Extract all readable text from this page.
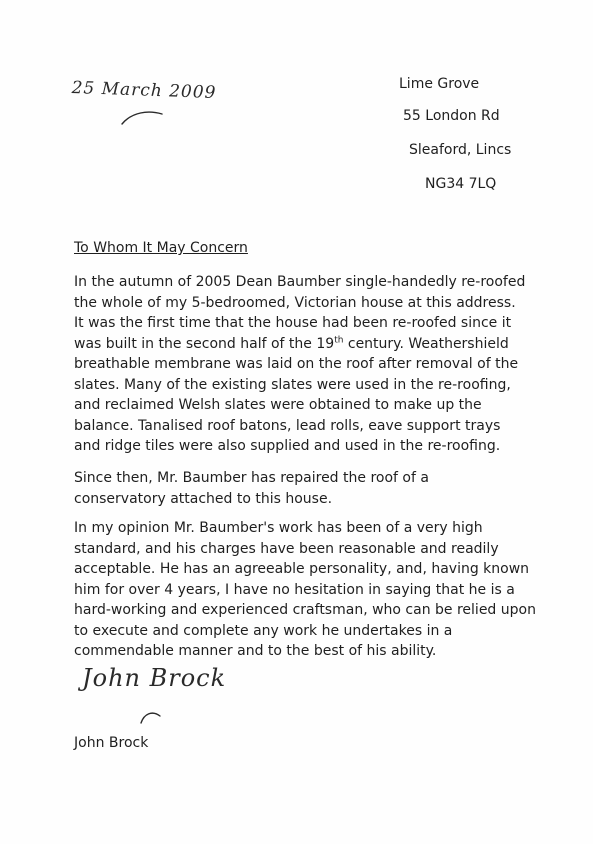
25 March 2009	Lime Grove
55 London Rd
Sleaford, Lincs
NG34 7LQ
To Whom It May Concern
In the autumn of 2005 Dean Baumber single-handedly re-roofed
the whole of my 5-bedroomed, Victorian house at this address.
It was the first time that the house had been re-roofed since it
was built in the second half of the 19th century. Weathershield
breathable membrane was laid on the roof after removal of the
slates. Many of the existing slates were used in the re-roofing,
and reclaimed Welsh slates were obtained to make up the
balance. Tanalised roof batons, lead rolls, eave support trays
and ridge tiles were also supplied and used in the re-roofing.
Since then, Mr. Baumber has repaired the roof of a
conservatory attached to this house.
In my opinion Mr. Baumber's work has been of a very high
standard, and his charges have been reasonable and readily
acceptable. He has an agreeable personality, and, having known
him for over 4 years, I have no hesitation in saying that he is a
hard-working and experienced craftsman, who can be relied upon
to execute and complete any work he undertakes in a
commendable manner and to the best of his ability.
John Brock
John Brock
